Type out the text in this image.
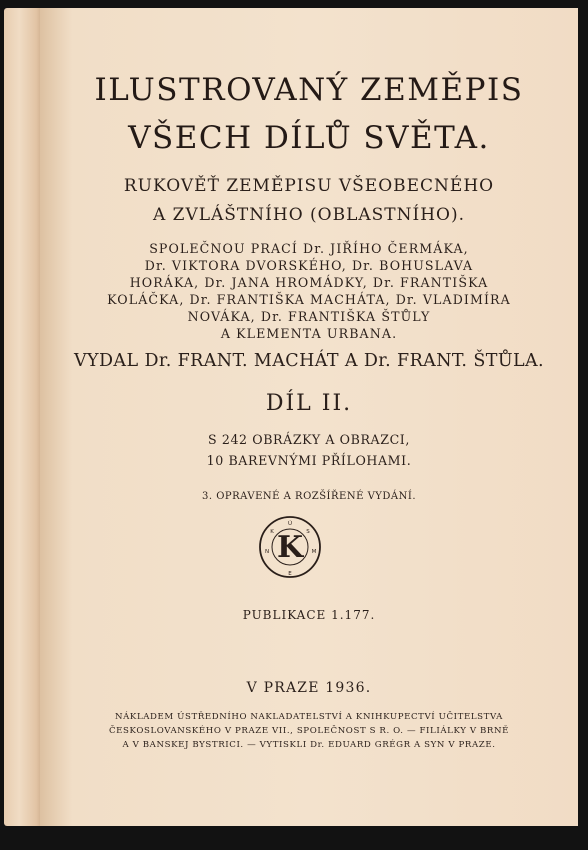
ILUSTROVANÝ ZEMĚPIS
VŠECH DÍLŮ SVĚTA.
RUKOVĚŤ ZEMĚPISU VŠEOBECNÉHO
A ZVLÁŠTNÍHO (OBLASTNÍHO).
SPOLEČNOU PRACÍ Dr. JIŘÍHO ČERMÁKA,
Dr. VIKTORA DVORSKÉHO, Dr. BOHUSLAVA
HORÁKA, Dr. JANA HROMÁDKY, Dr. FRANTIŠKA
KOLÁČKA, Dr. FRANTIŠKA MACHÁTA, Dr. VLADIMÍRA
NOVÁKA, Dr. FRANTIŠKA ŠTŮLY
A KLEMENTA URBANA.
VYDAL Dr. FRANT. MACHÁT A Dr. FRANT. ŠTŮLA.
DÍL II.
S 242 OBRÁZKY A OBRAZCI,
10 BAREVNÝMI PŘÍLOHAMI.
3. OPRAVENÉ A ROZŠÍŘENÉ VYDÁNÍ.
K
Ú
S
M
E
N
K
PUBLIKACE 1.177.
V PRAZE 1936.
NÁKLADEM ÚSTŘEDNÍHO NAKLADATELSTVÍ A KNIHKUPECTVÍ UČITELSTVA
ČESKOSLOVANSKÉHO V PRAZE VII., SPOLEČNOST S R. O. — FILIÁLKY V BRNĚ
A V BANSKEJ BYSTRICI. — VYTISKLI Dr. EDUARD GRÉGR A SYN V PRAZE.
